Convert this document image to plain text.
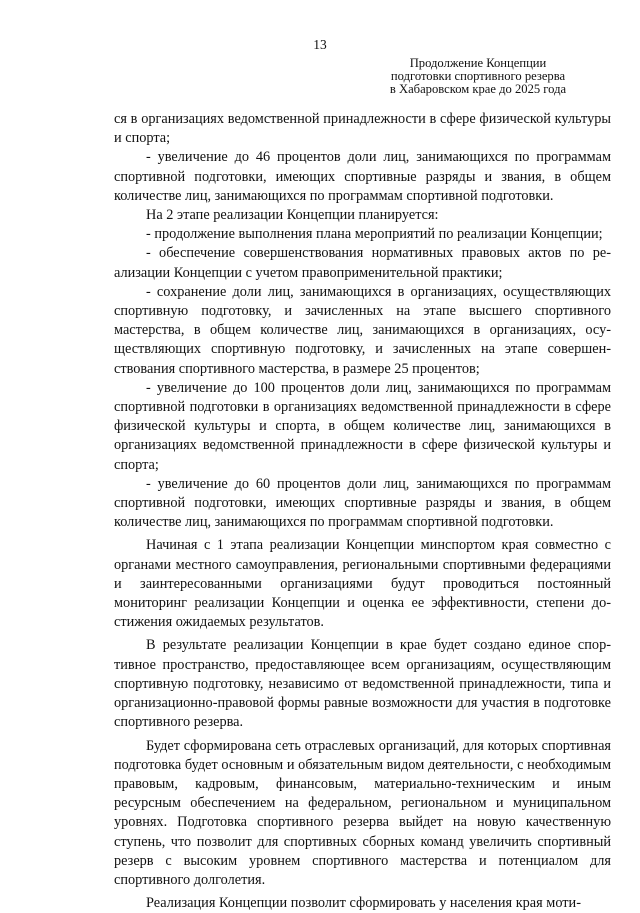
13
Продолжение Концепции
подготовки спортивного резерва
в Хабаровском крае до 2025 года

ся в организациях ведомственной принадлежности в сфере физической культуры и спорта;

- увеличение до 46 процентов доли лиц, занимающихся по программам спортивной подготовки, имеющих спортивные разряды и звания, в общем количестве лиц, занимающихся по программам спортивной подготовки.

На 2 этапе реализации Концепции планируется:

- продолжение выполнения плана мероприятий по реализации Концепции;

- обеспечение совершенствования нормативных правовых актов по реализации Концепции с учетом правоприменительной практики;

- сохранение доли лиц, занимающихся в организациях, осуществляющих спортивную подготовку, и зачисленных на этапе высшего спортивного мастерства, в общем количестве лиц, занимающихся в организациях, осуществляющих спортивную подготовку, и зачисленных на этапе совершенствования спортивного мастерства, в размере 25 процентов;

- увеличение до 100 процентов доли лиц, занимающихся по программам спортивной подготовки в организациях ведомственной принадлежности в сфере физической культуры и спорта, в общем количестве лиц, занимающихся в организациях ведомственной принадлежности в сфере физической культуры и спорта;

- увеличение до 60 процентов доли лиц, занимающихся по программам спортивной подготовки, имеющих спортивные разряды и звания, в общем количестве лиц, занимающихся по программам спортивной подготовки.

Начиная с 1 этапа реализации Концепции минспортом края совместно с органами местного самоуправления, региональными спортивными федерациями и заинтересованными организациями будут проводиться постоянный мониторинг реализации Концепции и оценка ее эффективности, степени достижения ожидаемых результатов.

В результате реализации Концепции в крае будет создано единое спортивное пространство, предоставляющее всем организациям, осуществляющим спортивную подготовку, независимо от ведомственной принадлежности, типа и организационно-правовой формы равные возможности для участия в подготовке спортивного резерва.

Будет сформирована сеть отраслевых организаций, для которых спортивная подготовка будет основным и обязательным видом деятельности, с необходимым правовым, кадровым, финансовым, материально-техническим и иным ресурсным обеспечением на федеральном, региональном и муниципальном уровнях. Подготовка спортивного резерва выйдет на новую качественную ступень, что позволит для спортивных сборных команд увеличить спортивный резерв с высоким уровнем спортивного мастерства и потенциалом для спортивного долголетия.

Реализация Концепции позволит сформировать у населения края моти-
